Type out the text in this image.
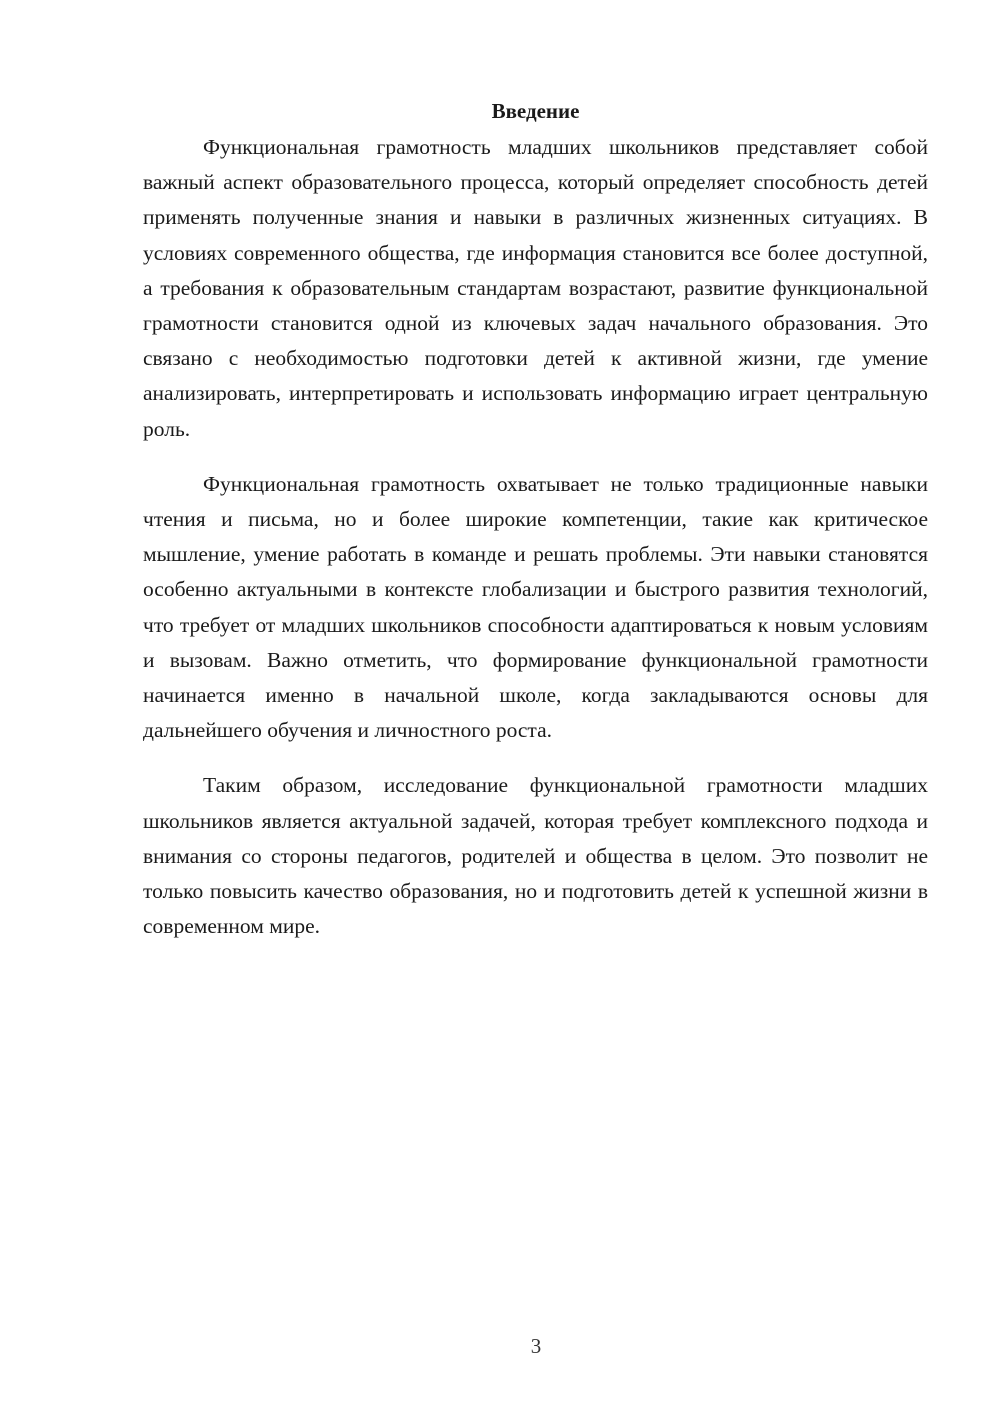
Введение

Функциональная грамотность младших школьников представляет собой важный аспект образовательного процесса, который определяет способность детей применять полученные знания и навыки в различных жизненных ситуациях. В условиях современного общества, где информация становится все более доступной, а требования к образовательным стандартам возрастают, развитие функциональной грамотности становится одной из ключевых задач начального образования. Это связано с необходимостью подготовки детей к активной жизни, где умение анализировать, интерпретировать и использовать информацию играет центральную роль.

Функциональная грамотность охватывает не только традиционные навыки чтения и письма, но и более широкие компетенции, такие как критическое мышление, умение работать в команде и решать проблемы. Эти навыки становятся особенно актуальными в контексте глобализации и быстрого развития технологий, что требует от младших школьников способности адаптироваться к новым условиям и вызовам. Важно отметить, что формирование функциональной грамотности начинается именно в начальной школе, когда закладываются основы для дальнейшего обучения и личностного роста.

Таким образом, исследование функциональной грамотности младших школьников является актуальной задачей, которая требует комплексного подхода и внимания со стороны педагогов, родителей и общества в целом. Это позволит не только повысить качество образования, но и подготовить детей к успешной жизни в современном мире.

3
